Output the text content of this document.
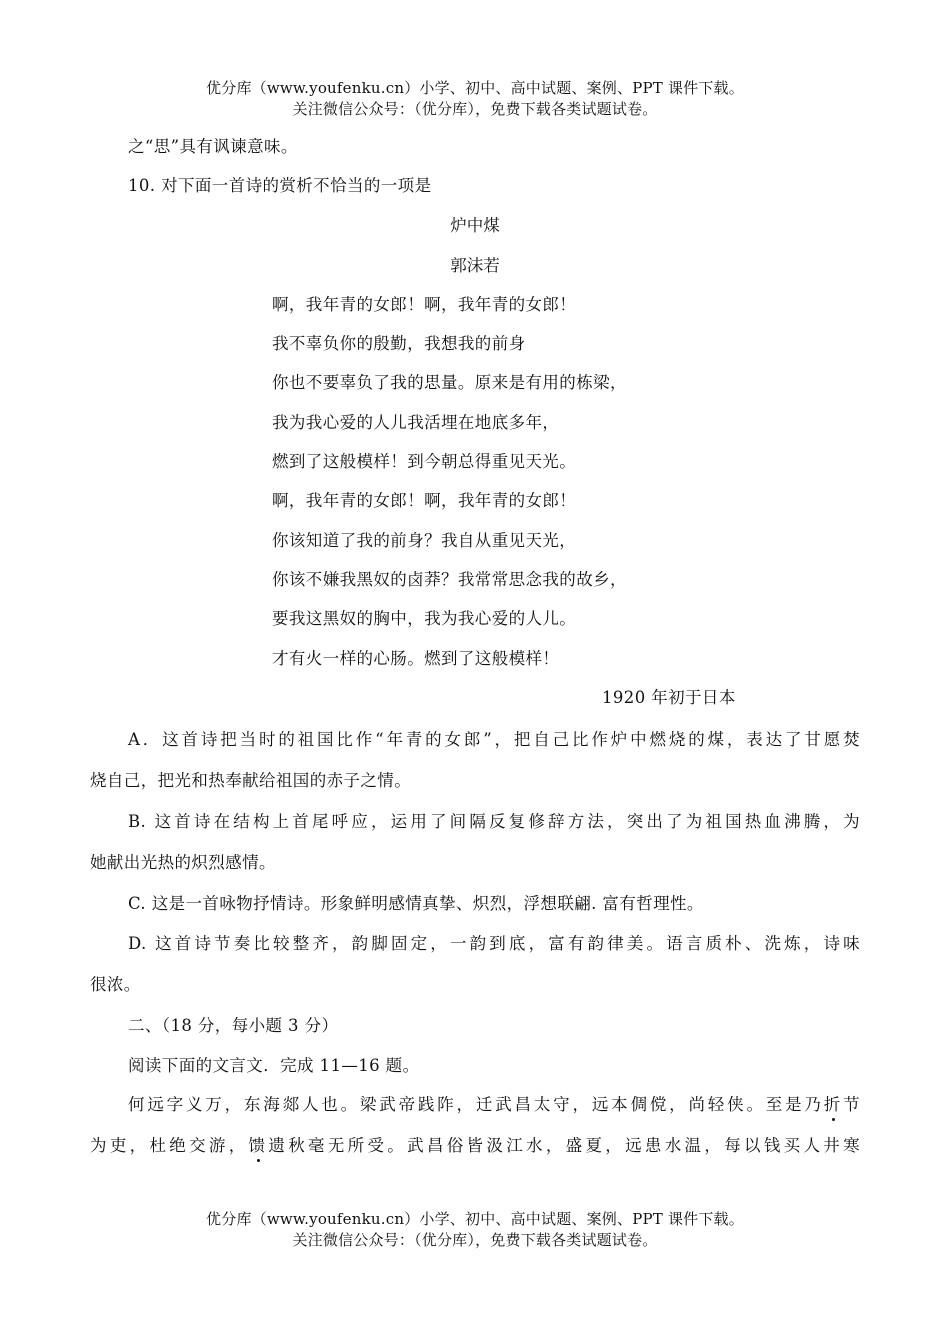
优分库（www.youfenku.cn）小学、初中、高中试题、案例、PPT 课件下载。
关注微信公众号：（优分库），免费下载各类试题试卷。
之“思”具有讽谏意味。
10. 对下面一首诗的赏析不恰当的一项是
炉中煤
郭沫若
啊，我年青的女郎！啊，我年青的女郎！
我不辜负你的殷勤，我想我的前身
你也不要辜负了我的思量。原来是有用的栋梁，
我为我心爱的人儿我活埋在地底多年，
燃到了这般模样！到今朝总得重见天光。
啊，我年青的女郎！啊，我年青的女郎！
你该知道了我的前身？我自从重见天光，
你该不嫌我黑奴的卤莽？我常常思念我的故乡，
要我这黑奴的胸中，我为我心爱的人儿。
才有火一样的心肠。燃到了这般模样！
1920 年初于日本
A．这首诗把当时的祖国比作“年青的女郎”，把自己比作炉中燃烧的煤，表达了甘愿焚
烧自己，把光和热奉献给祖国的赤子之情。
B. 这首诗在结构上首尾呼应，运用了间隔反复修辞方法，突出了为祖国热血沸腾，为
她献出光热的炽烈感情。
C. 这是一首咏物抒情诗。形象鲜明感情真挚、炽烈，浮想联翩. 富有哲理性。
D. 这首诗节奏比较整齐，韵脚固定，一韵到底，富有韵律美。语言质朴、洗炼，诗味
很浓。
二、（18 分，每小题 3 分）
阅读下面的文言文．完成 11—16 题。
何远字义万，东海郯人也。梁武帝践阼，迁武昌太守，远本倜傥，尚轻侠。至是乃折节
为吏，杜绝交游，馈遗秋毫无所受。武昌俗皆汲江水，盛夏，远患水温，每以钱买人井寒
优分库（www.youfenku.cn）小学、初中、高中试题、案例、PPT 课件下载。
关注微信公众号：（优分库），免费下载各类试题试卷。
